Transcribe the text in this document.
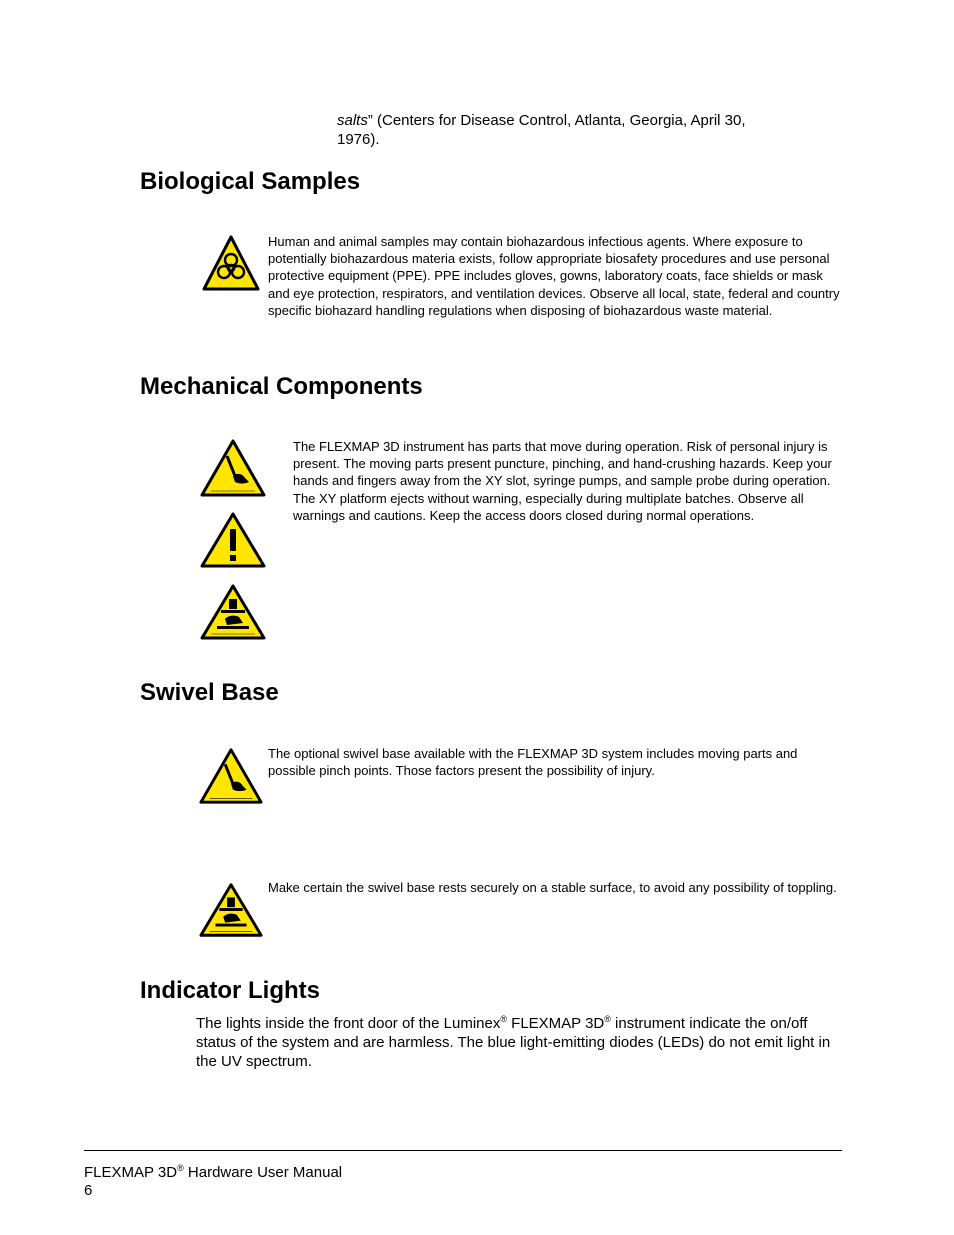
salts” (Centers for Disease Control, Atlanta, Georgia, April 30, 1976).
Biological Samples
Human and animal samples may contain biohazardous infectious agents. Where exposure to potentially biohazardous materia exists, follow appropriate biosafety procedures and use personal protective equipment (PPE). PPE includes gloves, gowns, laboratory coats, face shields or mask and eye protection, respirators, and ventilation devices. Observe all local, state, federal and country specific biohazard handling regulations when disposing of biohazardous waste material.
Mechanical Components
The FLEXMAP 3D instrument has parts that move during operation. Risk of personal injury is present. The moving parts present puncture, pinching, and hand-crushing hazards. Keep your hands and fingers away from the XY slot, syringe pumps, and sample probe during operation. The XY platform ejects without warning, especially during multiplate batches. Observe all warnings and cautions. Keep the access doors closed during normal operations.
Swivel Base
The optional swivel base available with the FLEXMAP 3D system includes moving parts and possible pinch points. Those factors present the possibility of injury.
Make certain the swivel base rests securely on a stable surface, to avoid any possibility of toppling.
Indicator Lights
The lights inside the front door of the Luminex® FLEXMAP 3D® instrument indicate the on/off status of the system and are harmless. The blue light-emitting diodes (LEDs) do not emit light in the UV spectrum.
FLEXMAP 3D® Hardware User Manual
6
